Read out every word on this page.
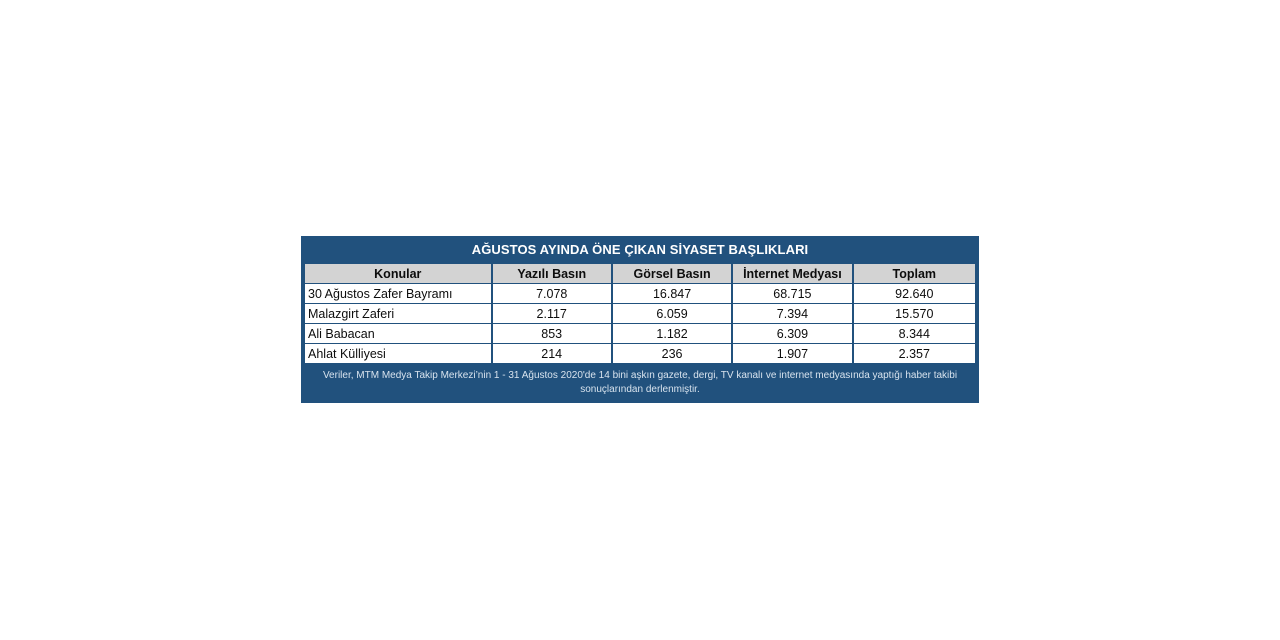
AĞUSTOS AYINDA ÖNE ÇIKAN SİYASET BAŞLIKLARI
Konular	Yazılı Basın	Görsel Basın	İnternet Medyası	Toplam
30 Ağustos Zafer Bayramı	7.078	16.847	68.715	92.640
Malazgirt Zaferi	2.117	6.059	7.394	15.570
Ali Babacan	853	1.182	6.309	8.344
Ahlat Külliyesi	214	236	1.907	2.357
Veriler, MTM Medya Takip Merkezi’nin 1 - 31 Ağustos 2020'de 14 bini aşkın gazete, dergi, TV kanalı ve internet medyasında yaptığı haber takibi sonuçlarından derlenmiştir.
